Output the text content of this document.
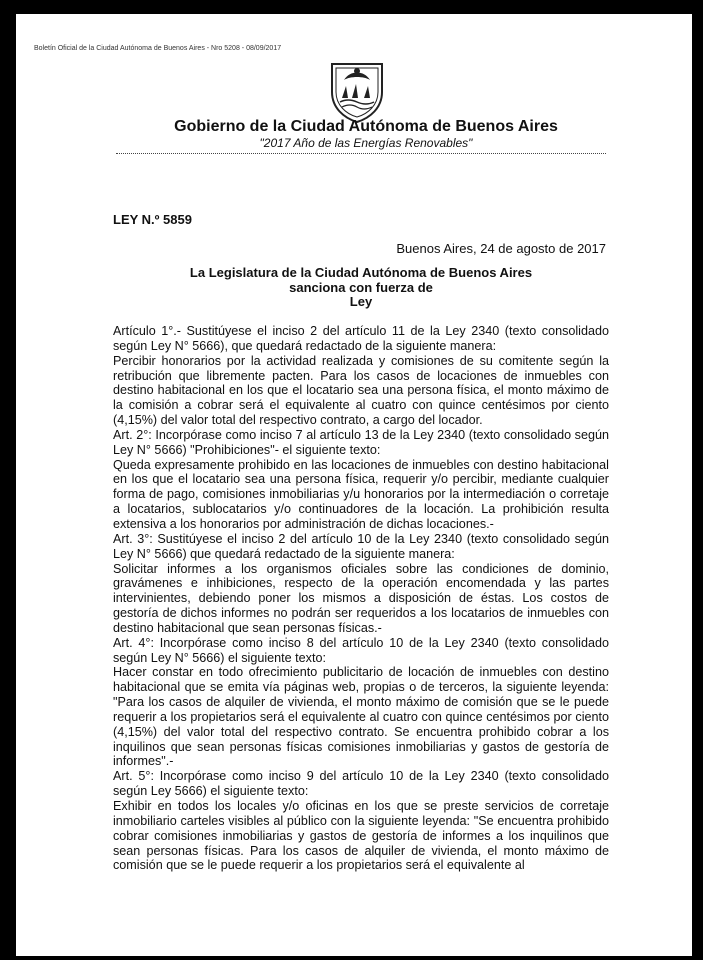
Boletín Oficial de la Ciudad Autónoma de Buenos Aires - Nro 5208 - 08/09/2017
Gobierno de la Ciudad Autónoma de Buenos Aires
"2017 Año de las Energías Renovables"
LEY N.º 5859
Buenos Aires, 24 de agosto de 2017
La Legislatura de la Ciudad Autónoma de Buenos Aires
sanciona con fuerza de
Ley

Artículo 1°.- Sustitúyese el inciso 2 del artículo 11 de la Ley 2340 (texto consolidado según Ley N° 5666), que quedará redactado de la siguiente manera:

Percibir honorarios por la actividad realizada y comisiones de su comitente según la retribución que libremente pacten. Para los casos de locaciones de inmuebles con destino habitacional en los que el locatario sea una persona física, el monto máximo de la comisión a cobrar será el equivalente al cuatro con quince centésimos por ciento (4,15%) del valor total del respectivo contrato, a cargo del locador.

Art. 2°: Incorpórase como inciso 7 al artículo 13 de la Ley 2340 (texto consolidado según Ley N° 5666) "Prohibiciones"- el siguiente texto:

Queda expresamente prohibido en las locaciones de inmuebles con destino habitacional en los que el locatario sea una persona física, requerir y/o percibir, mediante cualquier forma de pago, comisiones inmobiliarias y/u honorarios por la intermediación o corretaje a locatarios, sublocatarios y/o continuadores de la locación. La prohibición resulta extensiva a los honorarios por administración de dichas locaciones.-

Art. 3°: Sustitúyese el inciso 2 del artículo 10 de la Ley 2340 (texto consolidado según Ley N° 5666) que quedará redactado de la siguiente manera:

Solicitar informes a los organismos oficiales sobre las condiciones de dominio, gravámenes e inhibiciones, respecto de la operación encomendada y las partes intervinientes, debiendo poner los mismos a disposición de éstas. Los costos de gestoría de dichos informes no podrán ser requeridos a los locatarios de inmuebles con destino habitacional que sean personas físicas.-

Art. 4°: Incorpórase como inciso 8 del artículo 10 de la Ley 2340 (texto consolidado según Ley N° 5666) el siguiente texto:

Hacer constar en todo ofrecimiento publicitario de locación de inmuebles con destino habitacional que se emita vía páginas web, propias o de terceros, la siguiente leyenda: "Para los casos de alquiler de vivienda, el monto máximo de comisión que se le puede requerir a los propietarios será el equivalente al cuatro con quince centésimos por ciento (4,15%) del valor total del respectivo contrato. Se encuentra prohibido cobrar a los inquilinos que sean personas físicas comisiones inmobiliarias y gastos de gestoría de informes".-

Art. 5°: Incorpórase como inciso 9 del artículo 10 de la Ley 2340 (texto consolidado según Ley 5666) el siguiente texto:

Exhibir en todos los locales y/o oficinas en los que se preste servicios de corretaje inmobiliario carteles visibles al público con la siguiente leyenda: "Se encuentra prohibido cobrar comisiones inmobiliarias y gastos de gestoría de informes a los inquilinos que sean personas físicas. Para los casos de alquiler de vivienda, el monto máximo de comisión que se le puede requerir a los propietarios será el equivalente al
